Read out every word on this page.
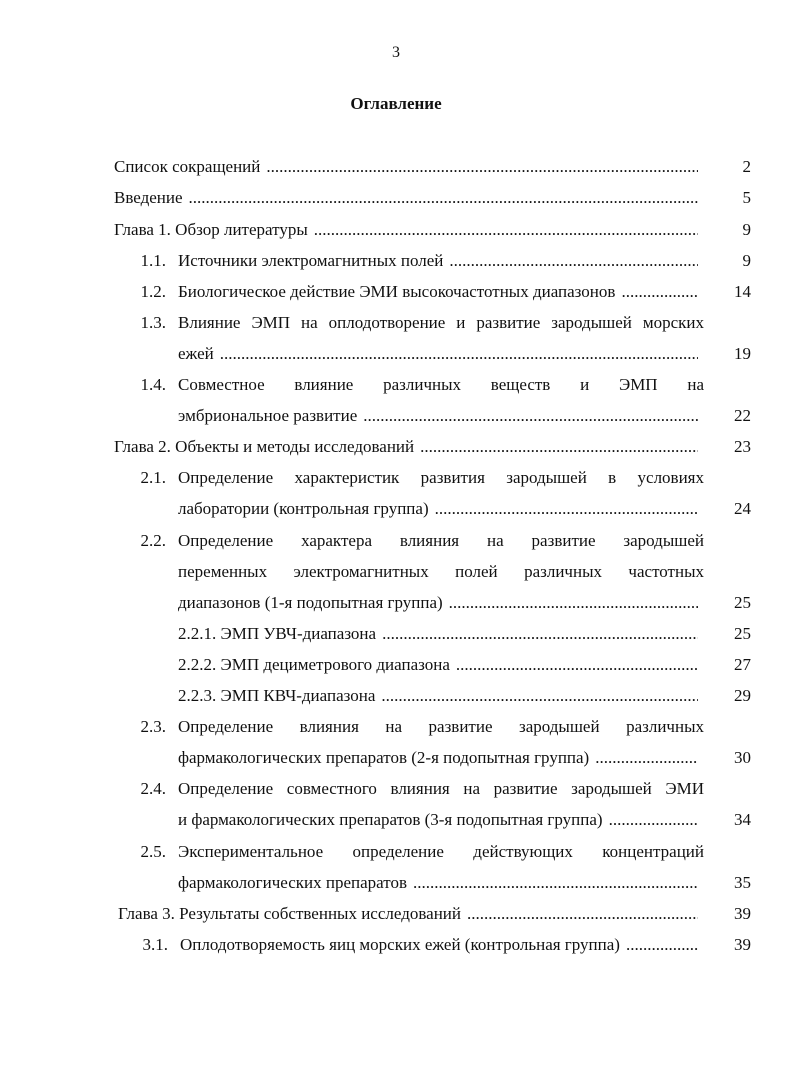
3
Оглавление
Список сокращений .....	2
Введение .....	5
Глава 1. Обзор литературы .....	9
1.1. Источники электромагнитных полей .....	9
1.2. Биологическое действие ЭМИ высокочастотных диапазонов .....	14
1.3. Влияние ЭМП на оплодотворение и развитие зародышей морских
ежей .....	19
1.4. Совместное влияние различных веществ и ЭМП на
эмбриональное развитие .....	22
Глава 2. Объекты и методы исследований .....	23
2.1. Определение характеристик развития зародышей в условиях
лаборатории (контрольная группа) .....	24
2.2. Определение характера влияния на развитие зародышей
переменных электромагнитных полей различных частотных
диапазонов (1-я подопытная группа) .....	25
2.2.1. ЭМП УВЧ-диапазона .....	25
2.2.2. ЭМП дециметрового диапазона .....	27
2.2.3. ЭМП КВЧ-диапазона .....	29
2.3. Определение влияния на развитие зародышей различных
фармакологических препаратов (2-я подопытная группа) .....	30
2.4. Определение совместного влияния на развитие зародышей ЭМИ
и фармакологических препаратов (3-я подопытная группа) .....	34
2.5. Экспериментальное определение действующих концентраций
фармакологических препаратов .....	35
Глава 3. Результаты собственных исследований .....	39
3.1. Оплодотворяемость яиц морских ежей (контрольная группа) .....	39
